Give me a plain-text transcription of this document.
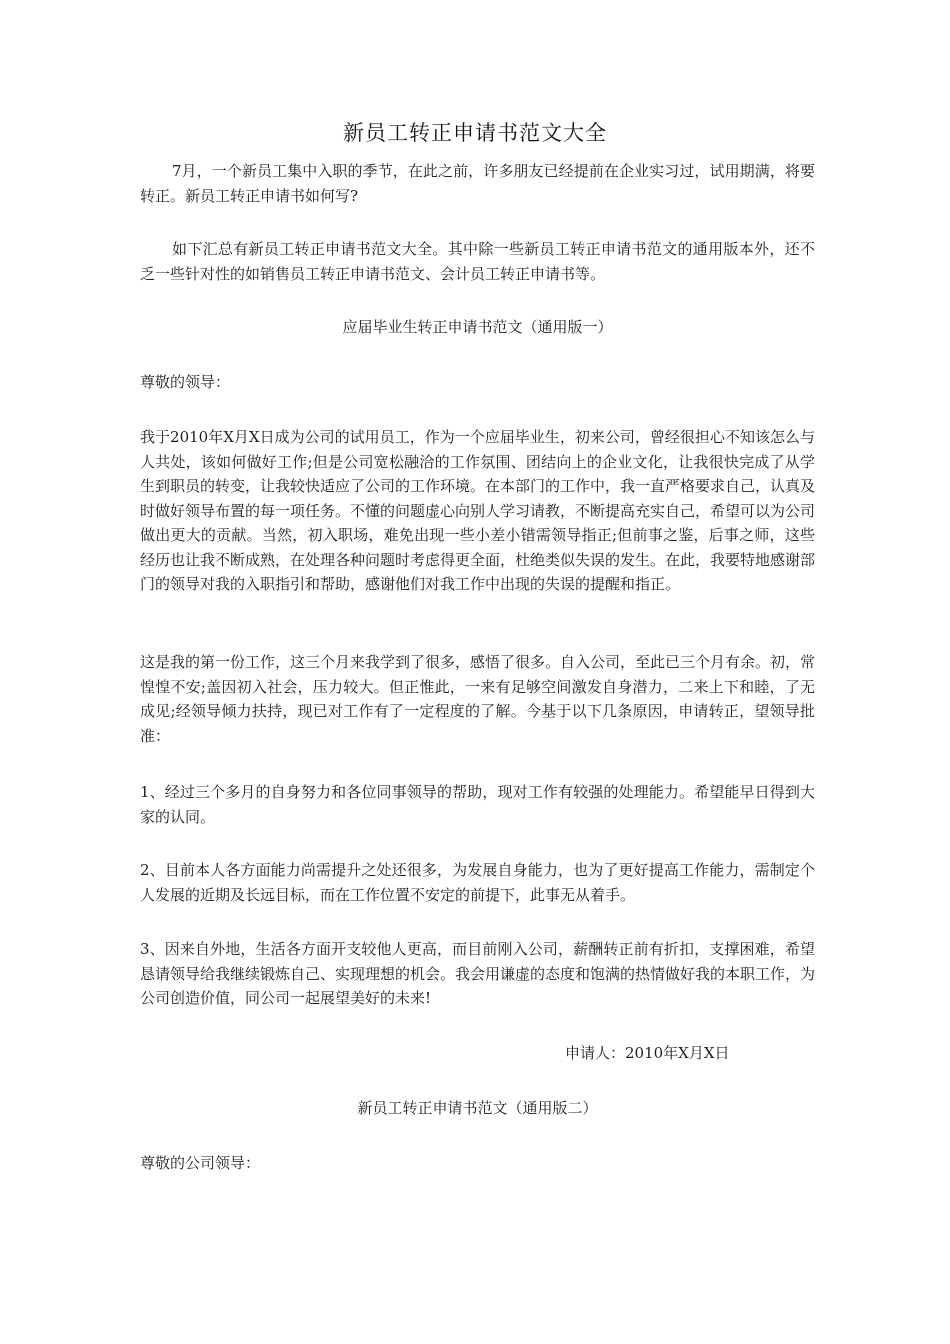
新员工转正申请书范文大全

7月，一个新员工集中入职的季节，在此之前，许多朋友已经提前在企业实习过，试用期满，将要转正。新员工转正申请书如何写?

如下汇总有新员工转正申请书范文大全。其中除一些新员工转正申请书范文的通用版本外，还不乏一些针对性的如销售员工转正申请书范文、会计员工转正申请书等。

应届毕业生转正申请书范文（通用版一）

尊敬的领导：

我于2010年X月X日成为公司的试用员工，作为一个应届毕业生，初来公司，曾经很担心不知该怎么与人共处，该如何做好工作;但是公司宽松融洽的工作氛围、团结向上的企业文化，让我很快完成了从学生到职员的转变，让我较快适应了公司的工作环境。在本部门的工作中，我一直严格要求自己，认真及时做好领导布置的每一项任务。不懂的问题虚心向别人学习请教，不断提高充实自己，希望可以为公司做出更大的贡献。当然，初入职场，难免出现一些小差小错需领导指正;但前事之鉴，后事之师，这些经历也让我不断成熟，在处理各种问题时考虑得更全面，杜绝类似失误的发生。在此，我要特地感谢部门的领导对我的入职指引和帮助，感谢他们对我工作中出现的失误的提醒和指正。

这是我的第一份工作，这三个月来我学到了很多，感悟了很多。自入公司，至此已三个月有余。初，常惶惶不安;盖因初入社会，压力较大。但正惟此，一来有足够空间激发自身潜力，二来上下和睦，了无成见;经领导倾力扶持，现已对工作有了一定程度的了解。今基于以下几条原因，申请转正，望领导批准：

1、经过三个多月的自身努力和各位同事领导的帮助，现对工作有较强的处理能力。希望能早日得到大家的认同。

2、目前本人各方面能力尚需提升之处还很多，为发展自身能力，也为了更好提高工作能力，需制定个人发展的近期及长远目标，而在工作位置不安定的前提下，此事无从着手。

3、因来自外地，生活各方面开支较他人更高，而目前刚入公司，薪酬转正前有折扣，支撑困难，希望恳请领导给我继续锻炼自己、实现理想的机会。我会用谦虚的态度和饱满的热情做好我的本职工作，为公司创造价值，同公司一起展望美好的未来!

申请人：2010年X月X日

新员工转正申请书范文（通用版二）

尊敬的公司领导：
